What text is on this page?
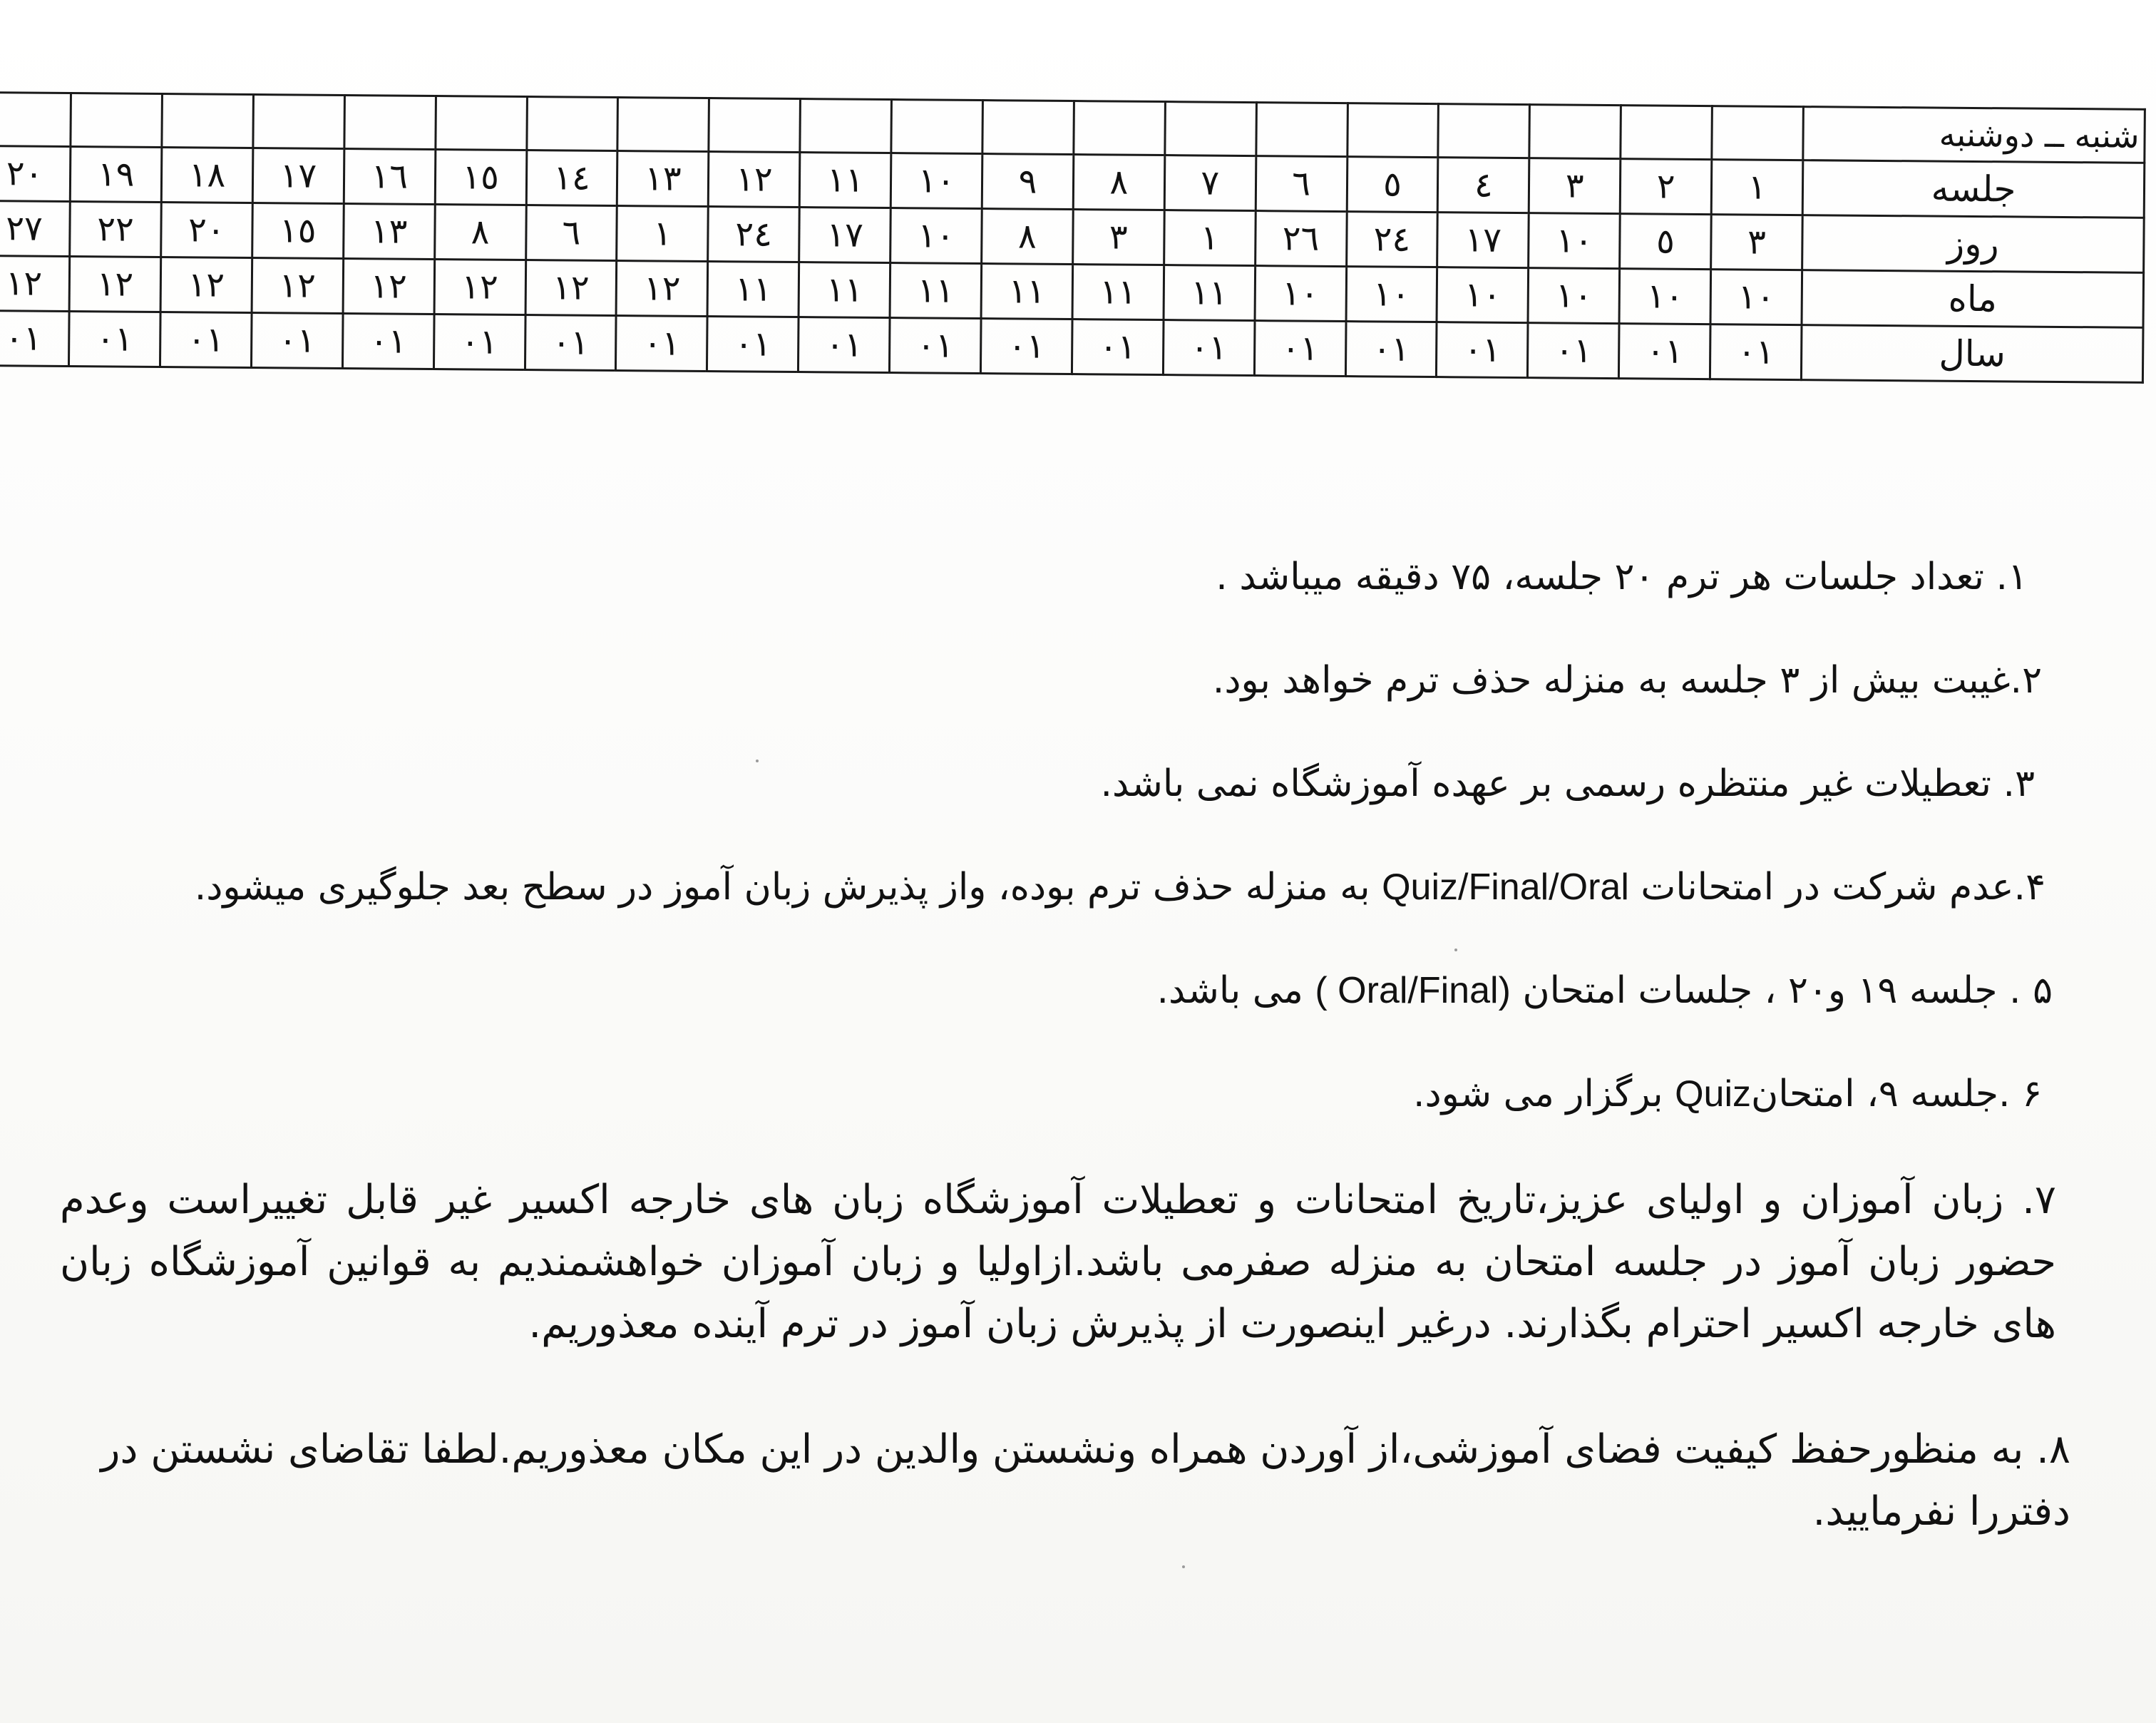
شنبه ــ دوشنبه																				
جلسه	۱	۲	۳	٤	٥	٦	٧	٨	٩	١٠	١١	١٢	١٣	١٤	١٥	١٦	١٧	١٨	١٩	٢٠
روز	٣	٥	١٠	١٧	٢٤	٢٦	١	٣	٨	١٠	١٧	٢٤	١	٦	٨	١٣	١٥	٢٠	٢٢	٢٧
ماه	١٠	١٠	١٠	١٠	١٠	١٠	١١	١١	١١	١١	١١	١١	١٢	١٢	١٢	١٢	١٢	١٢	١٢	١٢
سال	٠١	٠١	٠١	٠١	٠١	٠١	٠١	٠١	٠١	٠١	٠١	٠١	٠١	٠١	٠١	٠١	٠١	٠١	٠١	٠١

۱. تعداد جلسات هر ترم ۲۰ جلسه، ۷۵ دقیقه میباشد .

۲.غیبت بیش از ۳ جلسه به منزله حذف ترم خواهد بود.

۳. تعطیلات غیر منتظره رسمی بر عهده آموزشگاه نمی باشد.

۴.عدم شرکت در امتحانات Quiz/Final/Oral به منزله حذف ترم بوده، واز پذیرش زبان آموز در سطح بعد جلوگیری میشود.

۵ . جلسه ۱۹ و۲۰ ، جلسات امتحان ( Oral/Final) می باشد.

۶ .جلسه ۹، امتحانQuiz برگزار می شود.

۷. زبان آموزان و اولیای عزیز،تاریخ امتحانات و تعطیلات آموزشگاه زبان های خارجه اکسیر غیر قابل تغییراست وعدم حضور زبان آموز در جلسه امتحان به منزله صفرمی باشد.ازاولیا و زبان آموزان خواهشمندیم به قوانین آموزشگاه زبان های خارجه اکسیر احترام بگذارند. درغیر اینصورت از پذیرش زبان آموز در ترم آینده معذوریم.

۸. به منظورحفظ کیفیت فضای آموزشی،از آوردن همراه ونشستن والدین در این مکان معذوریم.لطفا تقاضای نشستن در دفتررا نفرمایید.
